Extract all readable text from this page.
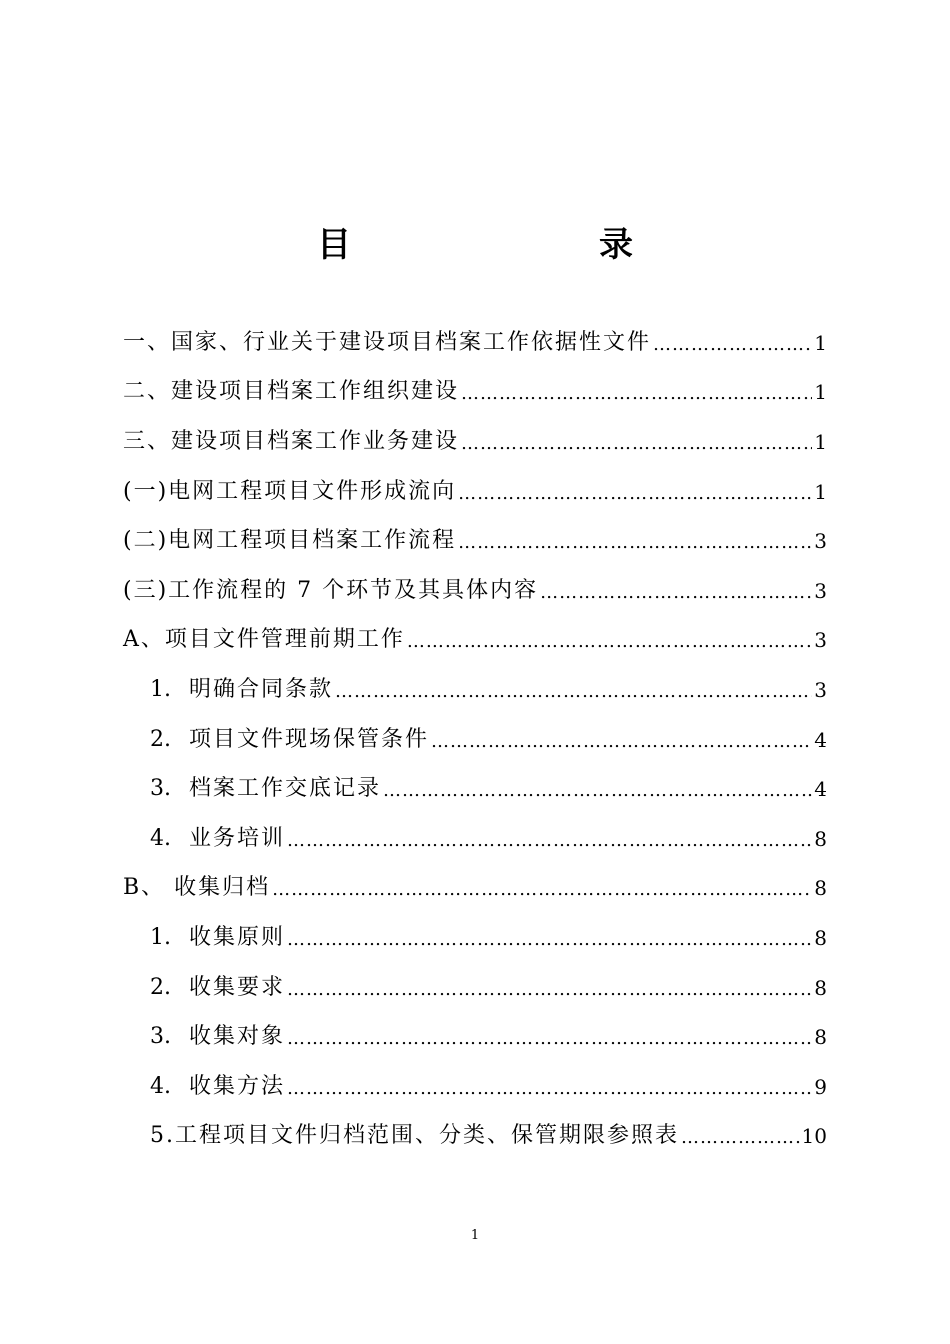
目　　录
一、国家、行业关于建设项目档案工作依据性文件 …………………………………………………………………………………………………………………………	1
二、建设项目档案工作组织建设 …………………………………………………………………………………………………………………………	1
三、建设项目档案工作业务建设 …………………………………………………………………………………………………………………………	1
(一)电网工程项目文件形成流向 …………………………………………………………………………………………………………………………	1
(二)电网工程项目档案工作流程 …………………………………………………………………………………………………………………………	3
(三)工作流程的 7 个环节及其具体内容 …………………………………………………………………………………………………………………………	3
A、项目文件管理前期工作 …………………………………………………………………………………………………………………………	3
1. 明确合同条款 …………………………………………………………………………………………………………………………	3
2. 项目文件现场保管条件 …………………………………………………………………………………………………………………………	4
3. 档案工作交底记录 …………………………………………………………………………………………………………………………	4
4. 业务培训 …………………………………………………………………………………………………………………………	8
B、 收集归档 …………………………………………………………………………………………………………………………	8
1. 收集原则 …………………………………………………………………………………………………………………………	8
2. 收集要求 …………………………………………………………………………………………………………………………	8
3. 收集对象 …………………………………………………………………………………………………………………………	8
4. 收集方法 …………………………………………………………………………………………………………………………	9
5.工程项目文件归档范围、分类、保管期限参照表 …………………………………………………………………………………………………………………………	10
1
